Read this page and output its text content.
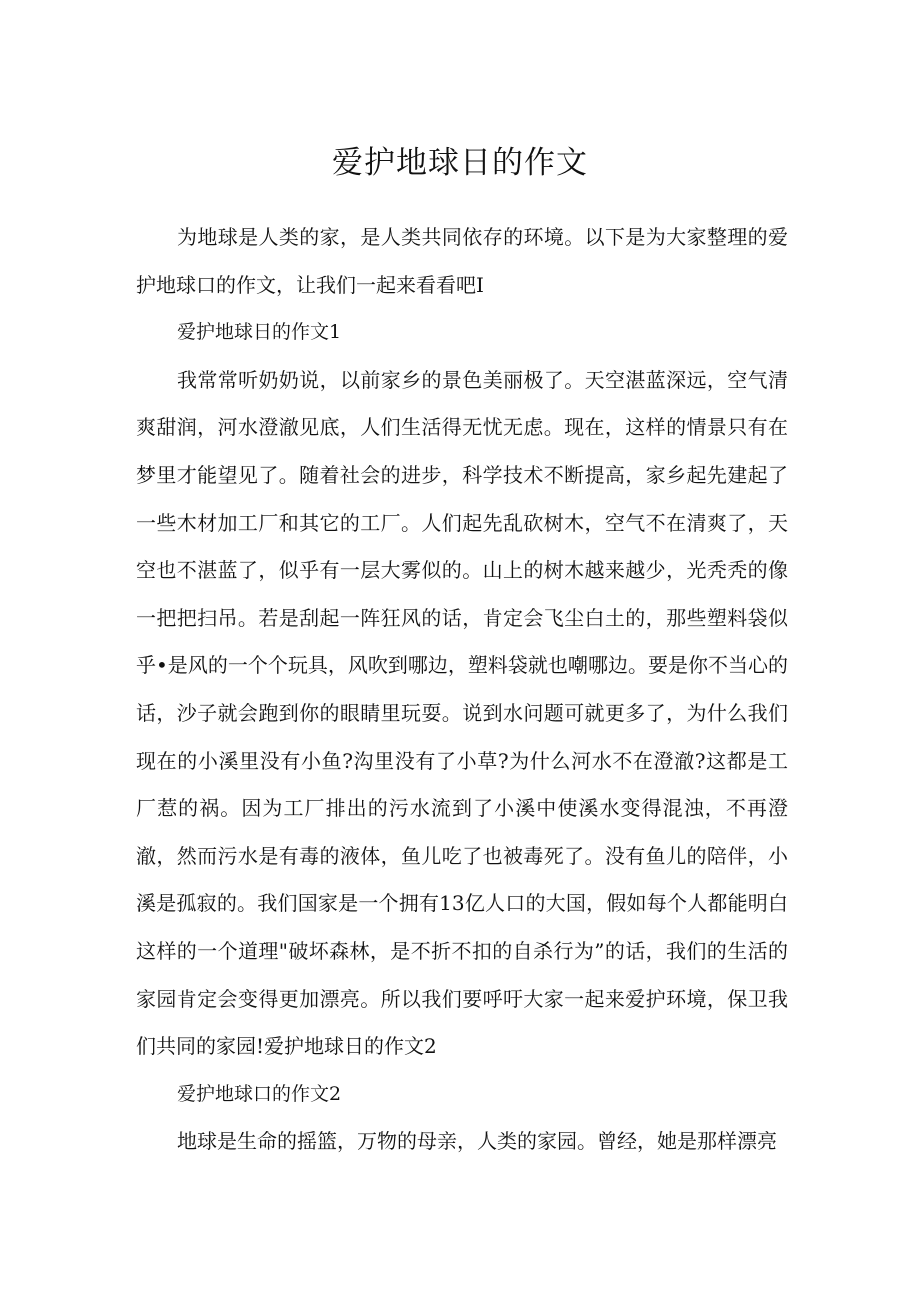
爱护地球日的作文

为地球是人类的家，是人类共同依存的环境。以下是为大家整理的爱护地球口的作文，让我们一起来看看吧I

爱护地球日的作文1

我常常听奶奶说，以前家乡的景色美丽极了。天空湛蓝深远，空气清爽甜润，河水澄澈见底，人们生活得无忧无虑。现在，这样的情景只有在梦里才能望见了。随着社会的进步，科学技术不断提高，家乡起先建起了一些木材加工厂和其它的工厂。人们起先乱砍树木，空气不在清爽了，天空也不湛蓝了，似乎有一层大雾似的。山上的树木越来越少，光秃秃的像一把把扫吊。若是刮起一阵狂风的话，肯定会飞尘白土的，那些塑料袋似乎•是风的一个个玩具，风吹到哪边，塑料袋就也嘲哪边。要是你不当心的话，沙子就会跑到你的眼睛里玩耍。说到水问题可就更多了，为什么我们现在的小溪里没有小鱼?沟里没有了小草?为什么河水不在澄澈?这都是工厂惹的祸。因为工厂排出的污水流到了小溪中使溪水变得混浊，不再澄澈，然而污水是有毒的液体，鱼儿吃了也被毒死了。没有鱼儿的陪伴，小溪是孤寂的。我们国家是一个拥有13亿人口的大国，假如每个人都能明白这样的一个道理"破坏森林，是不折不扣的自杀行为”的话，我们的生活的家园肯定会变得更加漂亮。所以我们要呼吁大家一起来爱护环境，保卫我们共同的家园!爱护地球日的作文2

爱护地球口的作文2

地球是生命的摇篮，万物的母亲，人类的家园。曾经，她是那样漂亮
